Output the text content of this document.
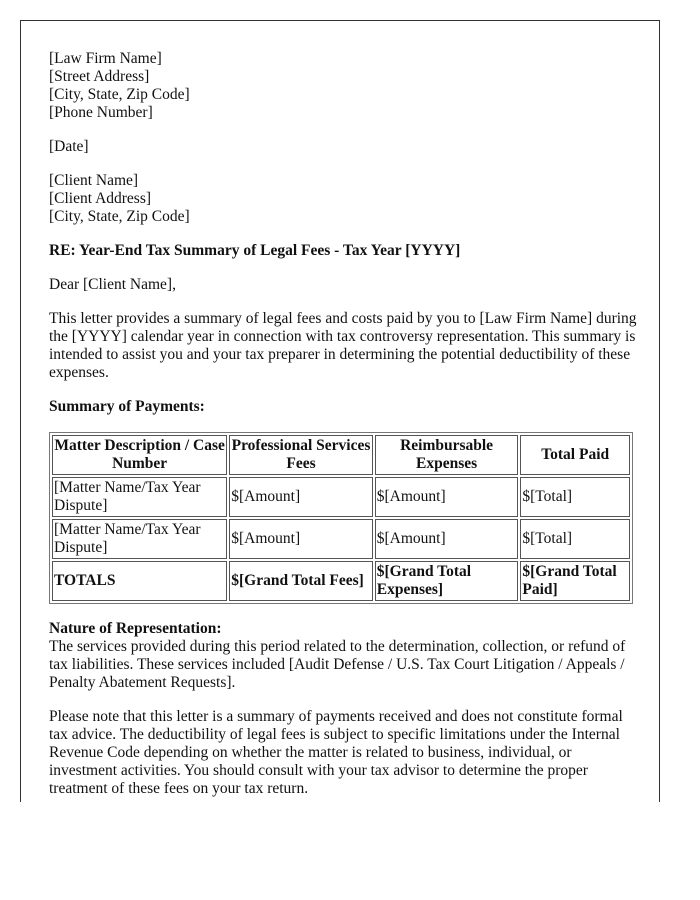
[Law Firm Name]
[Street Address]
[City, State, Zip Code]
[Phone Number]
[Date]
[Client Name]
[Client Address]
[City, State, Zip Code]

RE: Year-End Tax Summary of Legal Fees - Tax Year [YYYY]

Dear [Client Name],

This letter provides a summary of legal fees and costs paid by you to [Law Firm Name] during the [YYYY] calendar year in connection with tax controversy representation. This summary is intended to assist you and your tax preparer in determining the potential deductibility of these expenses.

Summary of Payments:

Matter Description / Case Number	Professional Services Fees	Reimbursable Expenses	Total Paid
[Matter Name/Tax Year Dispute]	$[Amount]	$[Amount]	$[Total]
[Matter Name/Tax Year Dispute]	$[Amount]	$[Amount]	$[Total]
TOTALS	$[Grand Total Fees]	$[Grand Total Expenses]	$[Grand Total Paid]

Nature of Representation:
The services provided during this period related to the determination, collection, or refund of tax liabilities. These services included [Audit Defense / U.S. Tax Court Litigation / Appeals / Penalty Abatement Requests].

Please note that this letter is a summary of payments received and does not constitute formal tax advice. The deductibility of legal fees is subject to specific limitations under the Internal Revenue Code depending on whether the matter is related to business, individual, or investment activities. You should consult with your tax advisor to determine the proper treatment of these fees on your tax return.
